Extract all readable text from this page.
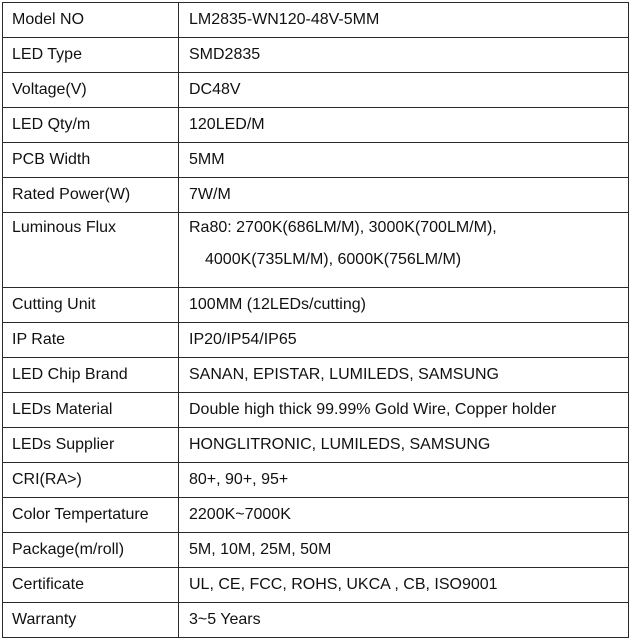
Model NO	LM2835-WN120-48V-5MM
LED Type	SMD2835
Voltage(V)	DC48V
LED Qty/m	120LED/M
PCB Width	5MM
Rated Power(W)	7W/M
Luminous Flux	Ra80: 2700K(686LM/M), 3000K(700LM/M),
4000K(735LM/M), 6000K(756LM/M)

Cutting Unit	100MM (12LEDs/cutting)
IP Rate	IP20/IP54/IP65
LED Chip Brand	SANAN, EPISTAR, LUMILEDS, SAMSUNG
LEDs Material	Double high thick 99.99% Gold Wire, Copper holder
LEDs Supplier	HONGLITRONIC, LUMILEDS, SAMSUNG
CRI(RA>)	80+, 90+, 95+
Color Tempertature	2200K~7000K
Package(m/roll)	5M, 10M, 25M, 50M
Certificate	UL, CE, FCC, ROHS, UKCA , CB, ISO9001
Warranty	3~5 Years
